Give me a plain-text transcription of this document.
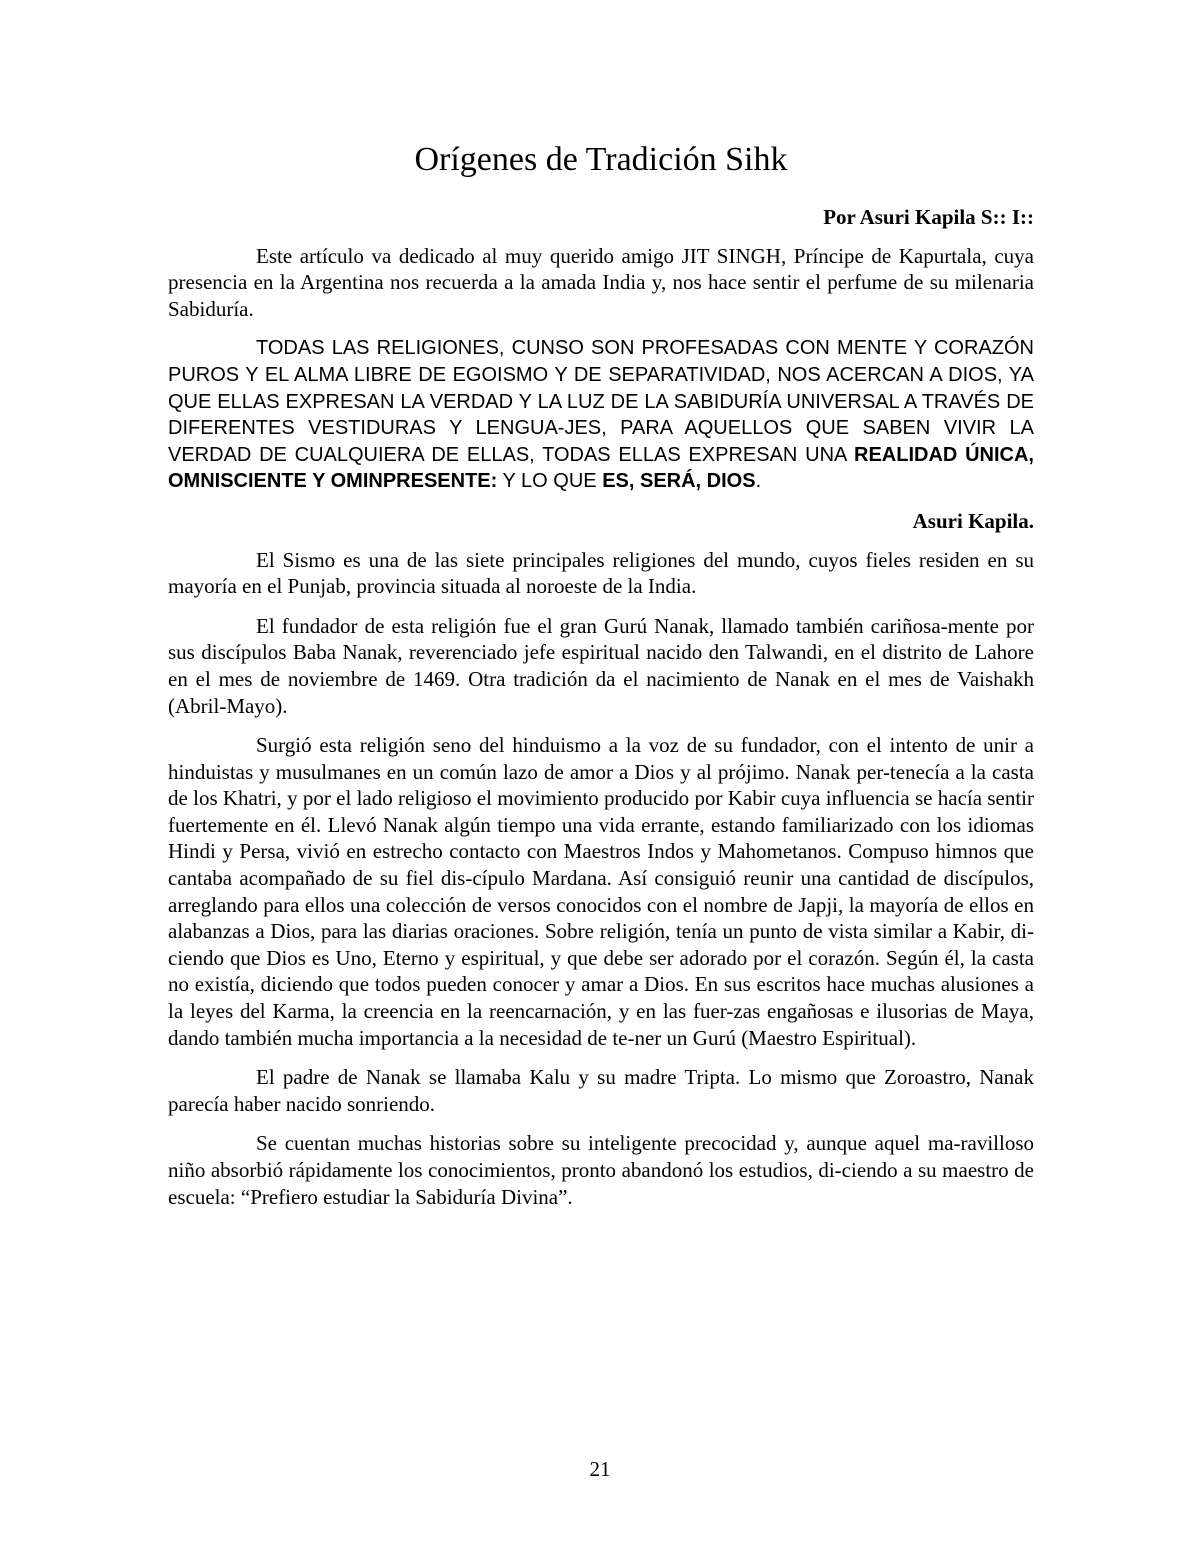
Orígenes de Tradición Sihk
Por Asuri Kapila S:: I::

Este artículo va dedicado al muy querido amigo JIT SINGH, Príncipe de Kapurtala, cuya presencia en la Argentina nos recuerda a la amada India y, nos hace sentir el perfume de su milenaria Sabiduría.

TODAS LAS RELIGIONES, CUNSO SON PROFESADAS CON MENTE Y CORAZÓN PUROS Y EL ALMA LIBRE DE EGOISMO Y DE SEPARATIVIDAD, NOS ACERCAN A DIOS, YA QUE ELLAS EXPRESAN LA VERDAD Y LA LUZ DE LA SABIDURÍA UNIVERSAL A TRAVÉS DE DIFERENTES VESTIDURAS Y LENGUA-JES, PARA AQUELLOS QUE SABEN VIVIR LA VERDAD DE CUALQUIERA DE ELLAS, TODAS ELLAS EXPRESAN UNA REALIDAD ÚNICA, OMNISCIENTE Y OMINPRESENTE: Y LO QUE ES, SERÁ, DIOS.

Asuri Kapila.

El Sismo es una de las siete principales religiones del mundo, cuyos fieles residen en su mayoría en el Punjab, provincia situada al noroeste de la India.

El fundador de esta religión fue el gran Gurú Nanak, llamado también cariñosa-mente por sus discípulos Baba Nanak, reverenciado jefe espiritual nacido den Talwandi, en el distrito de Lahore en el mes de noviembre de 1469. Otra tradición da el nacimiento de Nanak en el mes de Vaishakh (Abril-Mayo).

Surgió esta religión seno del hinduismo a la voz de su fundador, con el intento de unir a hinduistas y musulmanes en un común lazo de amor a Dios y al prójimo. Nanak per-tenecía a la casta de los Khatri, y por el lado religioso el movimiento producido por Kabir cuya influencia se hacía sentir fuertemente en él. Llevó Nanak algún tiempo una vida errante, estando familiarizado con los idiomas Hindi y Persa, vivió en estrecho contacto con Maestros Indos y Mahometanos. Compuso himnos que cantaba acompañado de su fiel dis-cípulo Mardana. Así consiguió reunir una cantidad de discípulos, arreglando para ellos una colección de versos conocidos con el nombre de Japji, la mayoría de ellos en alabanzas a Dios, para las diarias oraciones. Sobre religión, tenía un punto de vista similar a Kabir, di-ciendo que Dios es Uno, Eterno y espiritual, y que debe ser adorado por el corazón. Según él, la casta no existía, diciendo que todos pueden conocer y amar a Dios. En sus escritos hace muchas alusiones a la leyes del Karma, la creencia en la reencarnación, y en las fuer-zas engañosas e ilusorias de Maya, dando también mucha importancia a la necesidad de te-ner un Gurú (Maestro Espiritual).

El padre de Nanak se llamaba Kalu y su madre Tripta. Lo mismo que Zoroastro, Nanak parecía haber nacido sonriendo.

Se cuentan muchas historias sobre su inteligente precocidad y, aunque aquel ma-ravilloso niño absorbió rápidamente los conocimientos, pronto abandonó los estudios, di-ciendo a su maestro de escuela: “Prefiero estudiar la Sabiduría Divina”.

21
